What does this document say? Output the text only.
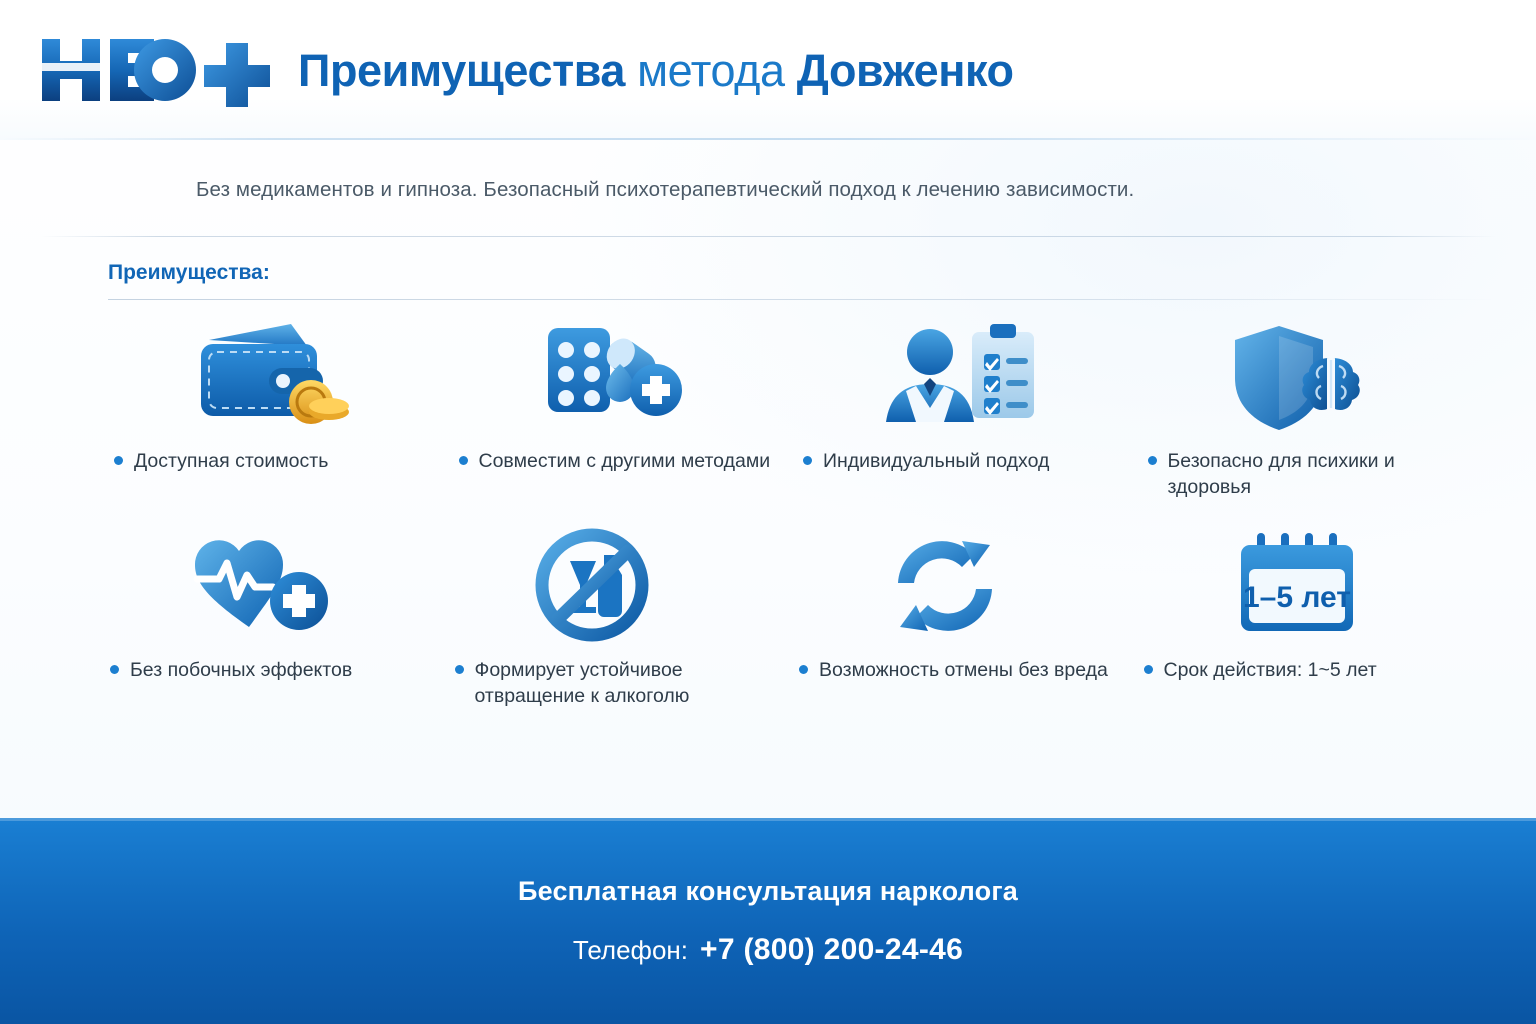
Преимущества метода Довженко
Без медикаментов и гипноза. Безопасный психотерапевтический подход к лечению зависимости.
Преимущества:
Доступная стоимость	Совместим с другими методами	Индивидуальный подход	Безопасно для психики и здоровья
Без побочных эффектов	Формирует устойчивое отвращение к алкоголю
Возможность отмены без вреда
1–5 лет
Срок действия: 1~5 лет
Бесплатная консультация нарколога
Телефон: +7 (800) 200-24-46
